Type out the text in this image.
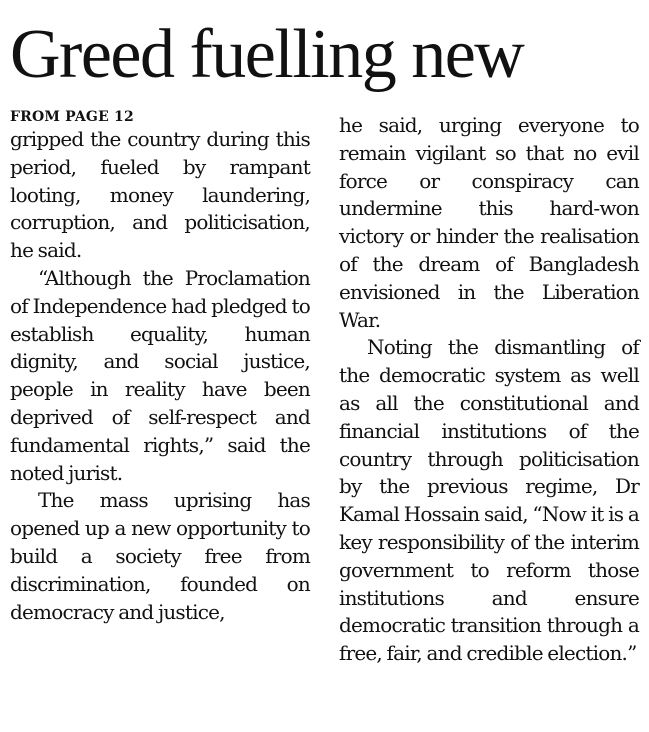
Greed fuelling new

FROM PAGE 12

gripped the country during this period, fueled by rampant looting, money laundering, corruption, and politicisation, he said.

“Although the Proclamation of Independence had pledged to establish equality, human dignity, and social justice, people in reality have been deprived of self-respect and fundamental rights,” said the noted jurist.

The mass uprising has opened up a new opportunity to build a society free from discrimination, founded on democracy and justice,

he said, urging everyone to remain vigilant so that no evil force or conspiracy can undermine this hard-won victory or hinder the realisation of the dream of Bangladesh envisioned in the Liberation War.

Noting the dismantling of the democratic system as well as all the constitutional and financial institutions of the country through politicisation by the previous regime, Dr Kamal Hossain said, “Now it is a key responsibility of the interim government to reform those institutions and ensure democratic transition through a free, fair, and credible election.”
